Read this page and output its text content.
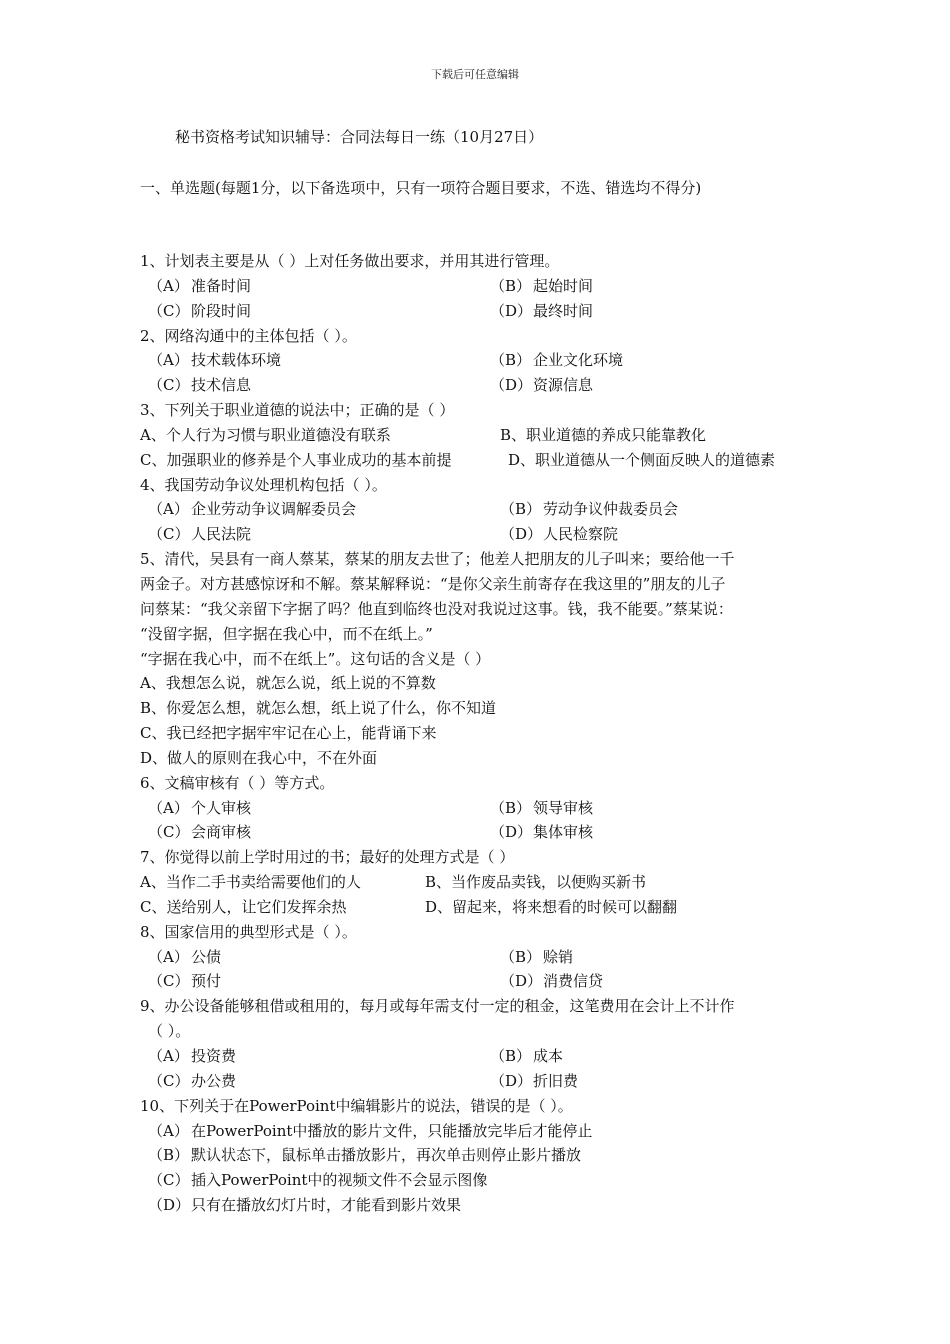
下载后可任意编辑
秘书资格考试知识辅导：合同法每日一练（10月27日）
一、单选题(每题1分，以下备选项中，只有一项符合题目要求，不选、错选均不得分)
1、计划表主要是从（ ）上对任务做出要求，并用其进行管理。
（A） 准备时间	（B） 起始时间
（C） 阶段时间	（D）最终时间
2、网络沟通中的主体包括（ ）。
（A） 技术载体环境	（B） 企业文化环境
（C） 技术信息	（D）资源信息
3、下列关于职业道德的说法中；正确的是（ ）
A、个人行为习惯与职业道德没有联系	B、职业道德的养成只能靠教化
C、加强职业的修养是个人事业成功的基本前提	D、职业道德从一个侧面反映人的道德素
4、我国劳动争议处理机构包括（ ）。
（A） 企业劳动争议调解委员会	（B） 劳动争议仲裁委员会
（C） 人民法院	（D）人民检察院
5、清代，吴县有一商人蔡某，蔡某的朋友去世了；他差人把朋友的儿子叫来；要给他一千
两金子。对方甚感惊讶和不解。蔡某解释说：“是你父亲生前寄存在我这里的”朋友的儿子
问蔡某：“我父亲留下字据了吗？他直到临终也没对我说过这事。钱，我不能要。”蔡某说：
“没留字据，但字据在我心中，而不在纸上。”
“字据在我心中，而不在纸上”。这句话的含义是（ ）
A、我想怎么说，就怎么说，纸上说的不算数
B、你爱怎么想，就怎么想，纸上说了什么，你不知道
C、我已经把字据牢牢记在心上，能背诵下来
D、做人的原则在我心中，不在外面
6、文稿审核有（ ）等方式。
（A） 个人审核	（B） 领导审核
（C） 会商审核	（D）集体审核
7、你觉得以前上学时用过的书；最好的处理方式是（ ）
A、当作二手书卖给需要他们的人	B、当作废品卖钱，以便购买新书
C、送给别人，让它们发挥余热	D、留起来，将来想看的时候可以翻翻
8、国家信用的典型形式是（ ）。
（A） 公债	（B） 赊销
（C） 预付	（D）消费信贷
9、办公设备能够租借或租用的，每月或每年需支付一定的租金，这笔费用在会计上不计作
（ ）。
（A） 投资费	（B） 成本
（C） 办公费	（D）折旧费
10、下列关于在PowerPoint中编辑影片的说法，错误的是（ ）。
（A） 在PowerPoint中播放的影片文件，只能播放完毕后才能停止
（B） 默认状态下，鼠标单击播放影片，再次单击则停止影片播放
（C） 插入PowerPoint中的视频文件不会显示图像
（D）只有在播放幻灯片时，才能看到影片效果
